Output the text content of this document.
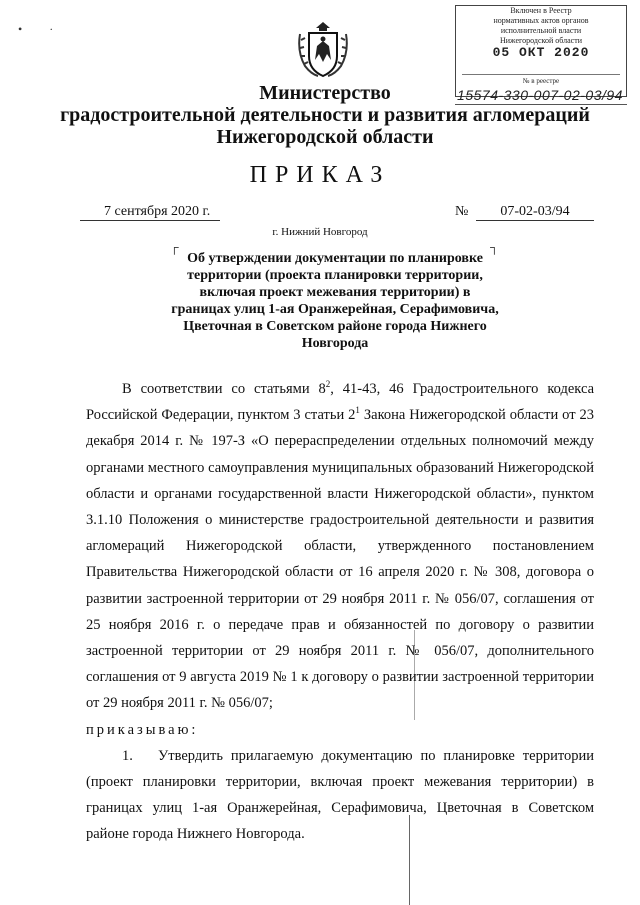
• ·
Включен в Реестр
нормативных актов органов
исполнительной власти
Нижегородской области
05 ОКТ 2020
№ в реестре
15574-330-007-02-03/94
Министерство
градостроительной деятельности и развития агломераций
Нижегородской области
ПРИКАЗ
7 сентября 2020 г.	№	07-02-03/94
г. Нижний Новгород
┌	┐
Об утверждении документации по планировке территории (проекта планировки территории, включая проект межевания территории) в границах улиц 1-ая Оранжерейная, Серафимовича, Цветочная в Советском районе города Нижнего Новгорода

В соответствии со статьями $8^2$, 41-43, 46 Градостроительного кодекса Российской Федерации, пунктом 3 статьи $2^1$ Закона Нижегородской области от 23 декабря 2014 г. № 197-З «О перераспределении отдельных полномочий между органами местного самоуправления муниципальных образований Нижегородской области и органами государственной власти Нижегородской области», пунктом 3.1.10 Положения о министерстве градостроительной деятельности и развития агломераций Нижегородской области, утвержденного постановлением Правительства Нижегородской области от 16 апреля 2020 г. № 308, договора о развитии застроенной территории от 29 ноября 2011 г. № 056/07, соглашения от 25 ноября 2016 г. о передаче прав и обязанностей по договору о развитии застроенной территории от 29 ноября 2011 г. № 056/07, дополнительного соглашения от 9 августа 2019 № 1 к договору о развитии застроенной территории от 29 ноября 2011 г. № 056/07;

приказываю:

1. Утвердить прилагаемую документацию по планировке территории (проект планировки территории, включая проект межевания территории) в границах улиц 1-ая Оранжерейная, Серафимовича, Цветочная в Советском районе города Нижнего Новгорода.
